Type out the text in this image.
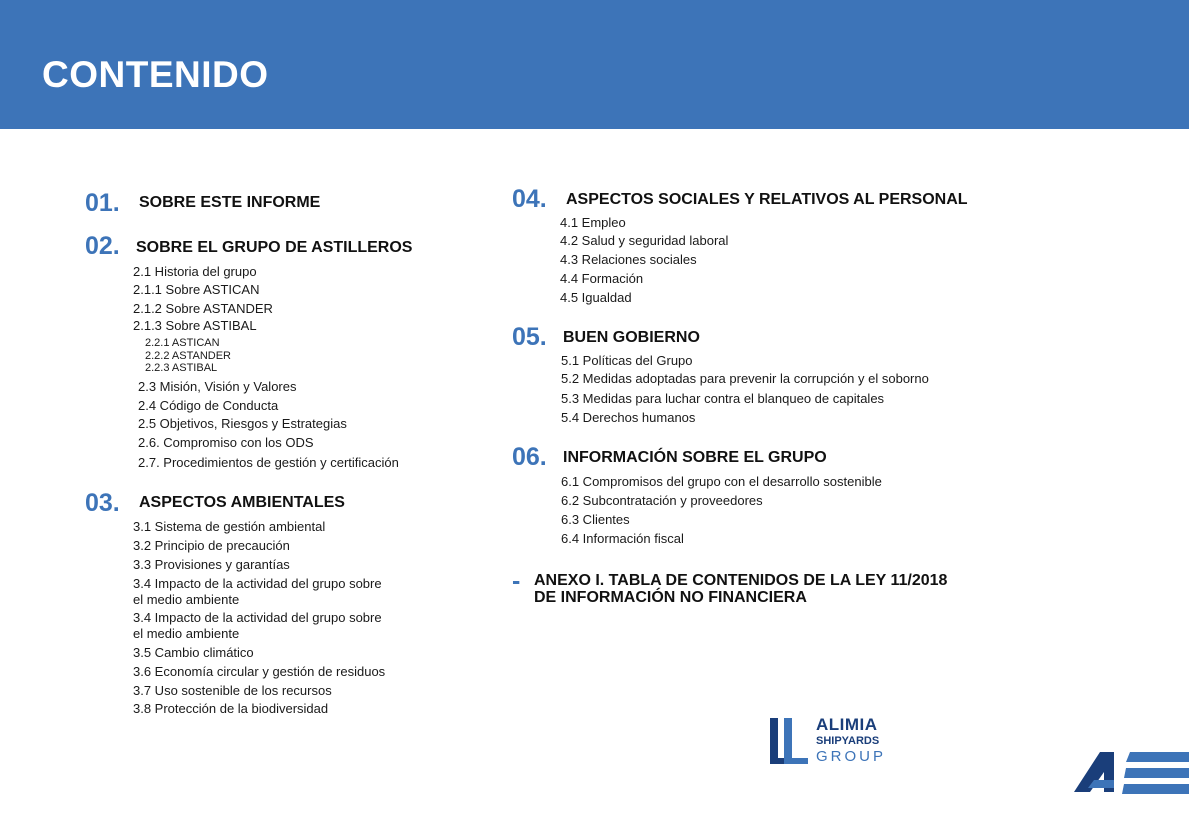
CONTENIDO
01. SOBRE ESTE INFORME
02. SOBRE EL GRUPO DE ASTILLEROS
2.1 Historia del grupo
2.1.1 Sobre ASTICAN
2.1.2 Sobre ASTANDER
2.1.3 Sobre ASTIBAL
2.2.1 ASTICAN
2.2.2 ASTANDER
2.2.3 ASTIBAL
2.3 Misión, Visión y Valores
2.4 Código de Conducta
2.5 Objetivos, Riesgos y Estrategias
2.6. Compromiso con los ODS
2.7. Procedimientos de gestión y certificación
03. ASPECTOS AMBIENTALES
3.1 Sistema de gestión ambiental
3.2 Principio de precaución
3.3 Provisiones y garantías
3.4 Impacto de la actividad del grupo sobre
el medio ambiente
3.4 Impacto de la actividad del grupo sobre
el medio ambiente
3.5 Cambio climático
3.6 Economía circular y gestión de residuos
3.7 Uso sostenible de los recursos
3.8 Protección de la biodiversidad
04. ASPECTOS SOCIALES Y RELATIVOS AL PERSONAL
4.1 Empleo
4.2 Salud y seguridad laboral
4.3 Relaciones sociales
4.4 Formación
4.5 Igualdad
05. BUEN GOBIERNO
5.1 Políticas del Grupo
5.2 Medidas adoptadas para prevenir la corrupción y el soborno
5.3 Medidas para luchar contra el blanqueo de capitales
5.4 Derechos humanos
06. INFORMACIÓN SOBRE EL GRUPO
6.1 Compromisos del grupo con el desarrollo sostenible
6.2 Subcontratación y proveedores
6.3 Clientes
6.4 Información fiscal
- ANEXO I. TABLA DE CONTENIDOS DE LA LEY 11/2018
DE INFORMACIÓN NO FINANCIERA
ALIMIA
SHIPYARDS
GROUP
